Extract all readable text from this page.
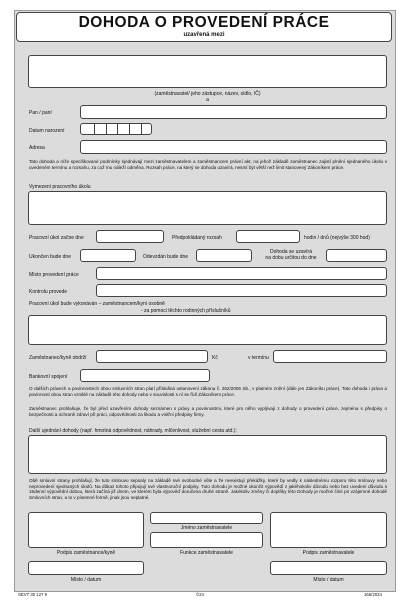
DOHODA O PROVEDENÍ PRÁCE
uzavřená mezi
(zaměstnavatel/ jeho zástupce, název, sídlo, IČ)
a
Pan / paní
Datum narození
Adresa
Tato dohoda a níže specifikované podmínky sjednávají mezi zaměstnavatelem a zaměstnancem právní akt, na jehož základě zaměstnanec zajistí plnění sjednaného úkolu v uvedeném termínu a rozsahu, za což mu náleží odměna. Rozsah práce, na který se dohoda uzavírá, nesmí být větší než limit stanovený Zákoníkem práce.
Vymezení pracovního úkolu
Pracovní úkol začne dne	Předpokládaný rozsah	hodin / dnů (nejvýše 300 hod)
Ukončen bude dne	Odevzdán bude dne
Dohoda se uzavírá
na dobu určitou do dne
Místo provedení práce
Kontrolu provede
Pracovní úkol bude vykonáván – zaměstnancem/kyní osobně
- za pomoci těchto rodinných příslušníků
Zaměstnanec/kyně obdrží	Kč	v termínu
Bankovní spojení
O dalších právech a povinnostech obou smluvních stran platí příslušná ustanovení zákona č. 262/2006 Sb., v platném znění (dále jen Zákoníku práce). Tato dohoda i práva a povinnosti obou stran vzniklé na základě této dohody nebo v souvislosti s ní se řídí Zákoníkem práce.
Zaměstnanec prohlašuje, že byl před uzavřením dohody seznámen s právy a povinnostmi, které pro něho vyplývají z dohody o provedení práce, zejména s předpisy o bezpečnosti a ochraně zdraví při práci, odpovědnosti za škodu a vnitřní předpisy firmy.
Další ujednání dohody (např. hmotná odpovědnost, náhrady, mlčenlivost, služební cesta atd.):
Obě smluvní strany prohlašují, že tuto smlouvu sepsaly na základě své svobodné vůle a že neexistují překážky, které by vedly k následnému rozporu této smlouvy nebo neprovedení sjednaných úkolů. Na důkaz tohoto připojují své vlastnoruční podpisy. Tuto dohodu je možné ukončit výpovědí z jakéhokoliv důvodu nebo bez uvedení důvodu s 15denní výpovědní dobou, která začíná již dnem, ve kterém byla výpověď doručena druhé straně. Jakékoliv změny či doplňky této Dohody je možné činit po vzájemné dohodě Smluvních stran, a to v písemné formě, jinak jsou neplatné.
Podpis zaměstnance/kyně
Jméno zaměstnavatele
Funkce zaměstnavatele	Podpis zaměstnavatele
Místo / datum	Místo / datum
SEVT 30 127 9	©24	166/2024
